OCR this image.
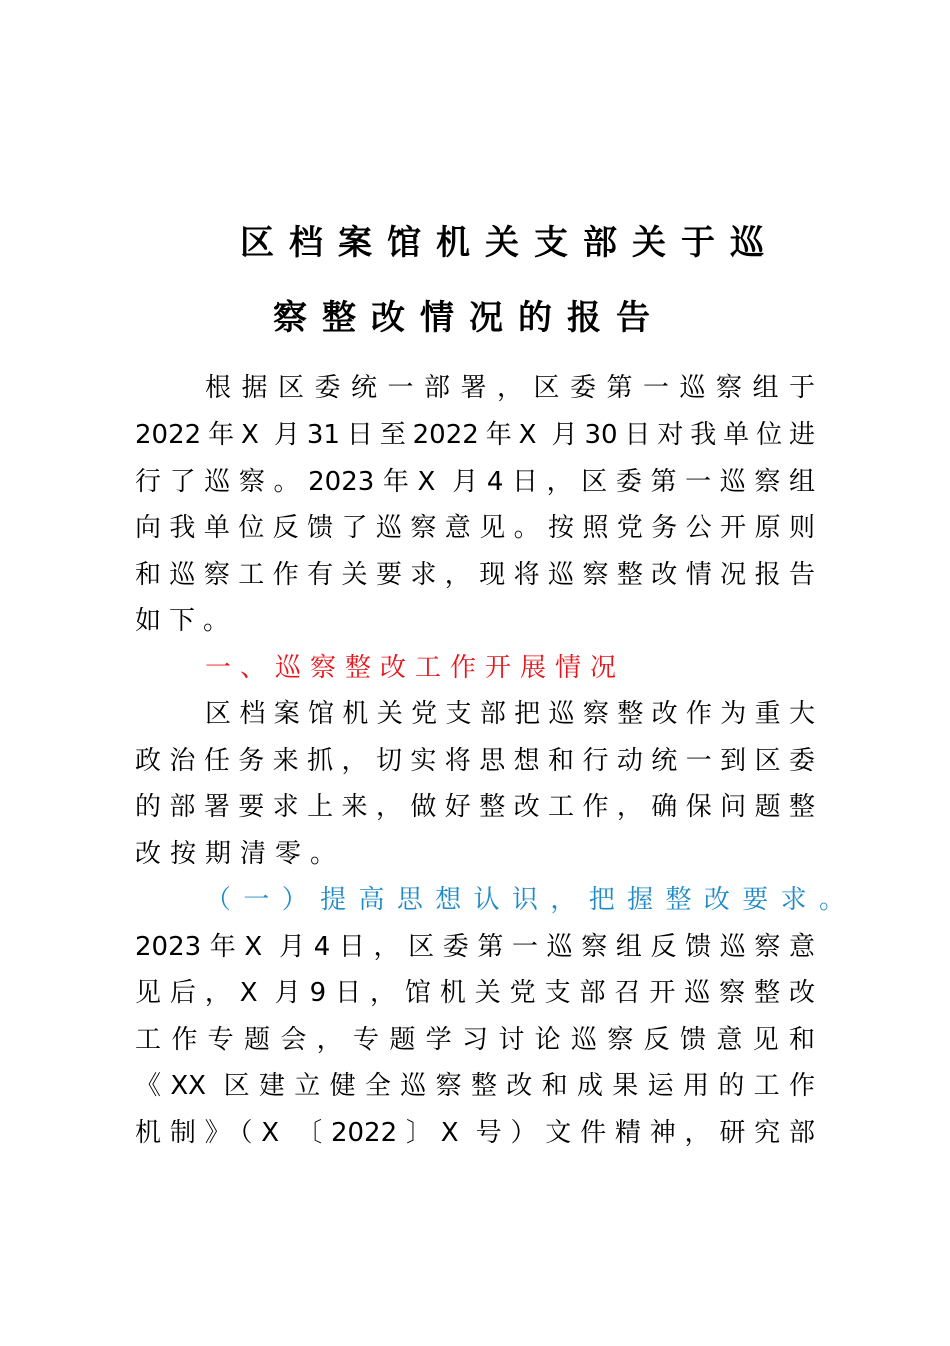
区档案馆机关支部关于巡
察整改情况的报告
根据区委统一部署，区委第一巡察组于
2022年X 月31日至2022年X 月30日对我单位进
行了巡察。2023年X 月4日，区委第一巡察组
向我单位反馈了巡察意见。按照党务公开原则
和巡察工作有关要求，现将巡察整改情况报告
如下。
一、巡察整改工作开展情况
区档案馆机关党支部把巡察整改作为重大
政治任务来抓，切实将思想和行动统一到区委
的部署要求上来，做好整改工作，确保问题整
改按期清零。
（一）提高思想认识，把握整改要求。
2023年X 月4日，区委第一巡察组反馈巡察意
见后，X 月9日，馆机关党支部召开巡察整改
工作专题会，专题学习讨论巡察反馈意见和
《XX 区建立健全巡察整改和成果运用的工作
机制》（X 〔2022〕X 号）文件精神，研究部
